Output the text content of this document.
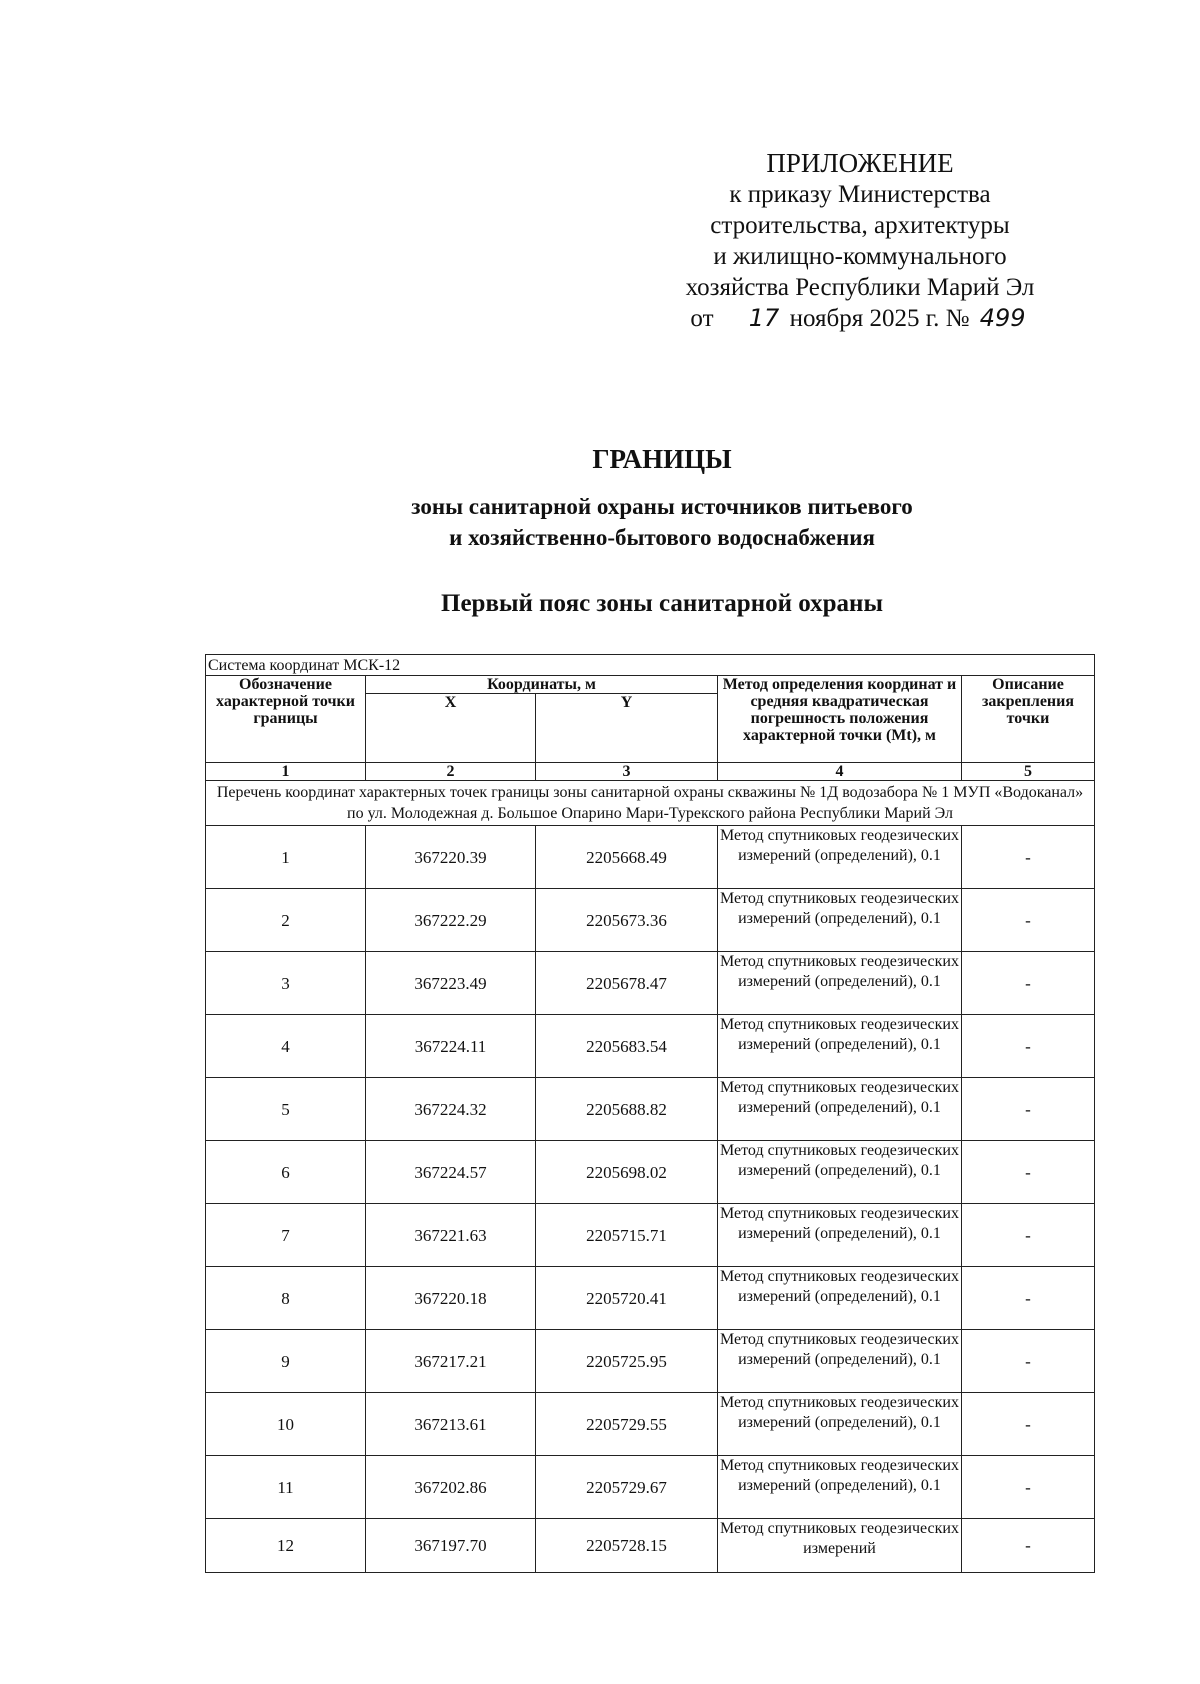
ПРИЛОЖЕНИЕ
к приказу Министерства
строительства, архитектуры
и жилищно-коммунального
хозяйства Республики Марий Эл
от 17 ноября 2025 г. № 499
ГРАНИЦЫ
зоны санитарной охраны источников питьевого
и хозяйственно-бытового водоснабжения
Первый пояс зоны санитарной охраны
Система координат МСК-12				
Обозначение характерной точки границы	Координаты, м		Метод определения координат и средняя квадратическая погрешность положения характерной точки (Mt), м	Описание закрепления точки
	X	Y		
1	2	3	4	5
Перечень координат характерных точек границы зоны санитарной охраны скважины № 1Д водозабора № 1 МУП «Водоканал» по ул. Молодежная д. Большое Опарино Мари-Турекского района Республики Марий Эл				
1	367220.39	2205668.49	Метод спутниковых геодезических измерений (определений), 0.1	-
2	367222.29	2205673.36	Метод спутниковых геодезических измерений (определений), 0.1	-
3	367223.49	2205678.47	Метод спутниковых геодезических измерений (определений), 0.1	-
4	367224.11	2205683.54	Метод спутниковых геодезических измерений (определений), 0.1	-
5	367224.32	2205688.82	Метод спутниковых геодезических измерений (определений), 0.1	-
6	367224.57	2205698.02	Метод спутниковых геодезических измерений (определений), 0.1	-
7	367221.63	2205715.71	Метод спутниковых геодезических измерений (определений), 0.1	-
8	367220.18	2205720.41	Метод спутниковых геодезических измерений (определений), 0.1	-
9	367217.21	2205725.95	Метод спутниковых геодезических измерений (определений), 0.1	-
10	367213.61	2205729.55	Метод спутниковых геодезических измерений (определений), 0.1	-
11	367202.86	2205729.67	Метод спутниковых геодезических измерений (определений), 0.1	-
12	367197.70	2205728.15	Метод спутниковых геодезических измерений	-
